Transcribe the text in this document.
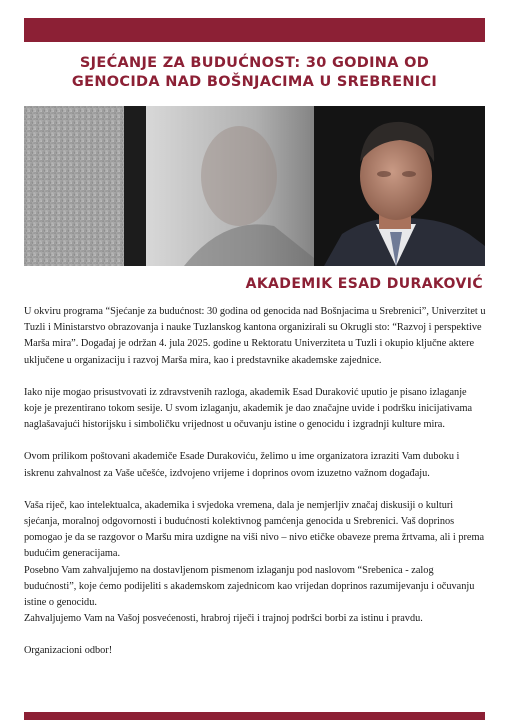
SJEĆANJE ZA BUDUĆNOST: 30 GODINA OD
GENOCIDA NAD BOŠNJACIMA U SREBRENICI
AKADEMIK ESAD DURAKOVIĆ

U okviru programa “Sjećanje za budućnost: 30 godina od genocida nad Bošnjacima u Srebrenici”, Univerzitet u Tuzli i Ministarstvo obrazovanja i nauke Tuzlanskog kantona organizirali su Okrugli sto: “Razvoj i perspektive Marša mira”. Događaj je održan 4. jula 2025. godine u Rektoratu Univerziteta u Tuzli i okupio ključne aktere uključene u organizaciju i razvoj Marša mira, kao i predstavnike akademske zajednice.

Iako nije mogao prisustvovati iz zdravstvenih razloga, akademik Esad Duraković uputio je pisano izlaganje koje je prezentirano tokom sesije. U svom izlaganju, akademik je dao značajne uvide i podršku inicijativama naglašavajući historijsku i simboličku vrijednost u očuvanju istine o genocidu i izgradnji kulture mira.

Ovom prilikom poštovani akademiče Esade Durakoviću, želimo u ime organizatora izraziti Vam duboku i iskrenu zahvalnost za Vaše učešće, izdvojeno vrijeme i doprinos ovom izuzetno važnom događaju.

Vaša riječ, kao intelektualca, akademika i svjedoka vremena, dala je nemjerljiv značaj diskusiji o kulturi sjećanja, moralnoj odgovornosti i budućnosti kolektivnog pamćenja genocida u Srebrenici. Vaš doprinos pomogao je da se razgovor o Maršu mira uzdigne na viši nivo – nivo etičke obaveze prema žrtvama, ali i prema budućim generacijama.

Posebno Vam zahvaljujemo na dostavljenom pismenom izlaganju pod naslovom “Srebenica - zalog budućnosti”, koje ćemo podijeliti s akademskom zajednicom kao vrijedan doprinos razumijevanju i očuvanju istine o genocidu.

Zahvaljujemo Vam na Vašoj posvećenosti, hrabroj riječi i trajnoj podršci borbi za istinu i pravdu.

Organizacioni odbor!
